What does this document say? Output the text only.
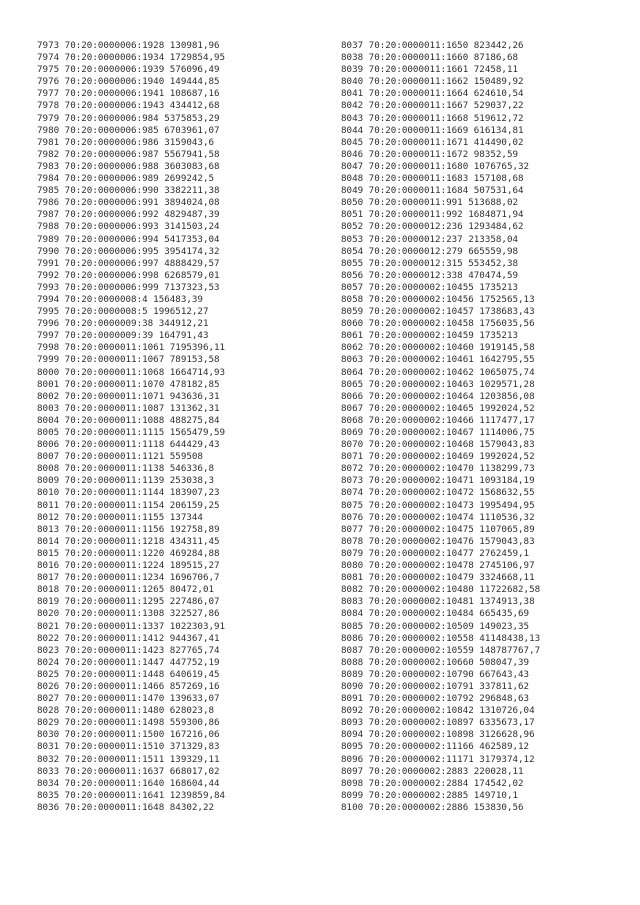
7973 70:20:0000006:1928 130981,96
7974 70:20:0000006:1934 1729854,95
7975 70:20:0000006:1939 576096,49
7976 70:20:0000006:1940 149444,85
7977 70:20:0000006:1941 108687,16
7978 70:20:0000006:1943 434412,68
7979 70:20:0000006:984 5375853,29
7980 70:20:0000006:985 6703961,07
7981 70:20:0000006:986 3159043,6
7982 70:20:0000006:987 5567941,58
7983 70:20:0000006:988 3603083,68
7984 70:20:0000006:989 2699242,5
7985 70:20:0000006:990 3382211,38
7986 70:20:0000006:991 3894024,08
7987 70:20:0000006:992 4829487,39
7988 70:20:0000006:993 3141503,24
7989 70:20:0000006:994 5417353,04
7990 70:20:0000006:995 3954174,32
7991 70:20:0000006:997 4888429,57
7992 70:20:0000006:998 6268579,01
7993 70:20:0000006:999 7137323,53
7994 70:20:0000008:4 156483,39
7995 70:20:0000008:5 1996512,27
7996 70:20:0000009:38 344912,21
7997 70:20:0000009:39 164791,43
7998 70:20:0000011:1061 7195396,11
7999 70:20:0000011:1067 789153,58
8000 70:20:0000011:1068 1664714,93
8001 70:20:0000011:1070 478182,85
8002 70:20:0000011:1071 943636,31
8003 70:20:0000011:1087 131362,31
8004 70:20:0000011:1088 488275,84
8005 70:20:0000011:1115 1565479,59
8006 70:20:0000011:1118 644429,43
8007 70:20:0000011:1121 559508
8008 70:20:0000011:1138 546336,8
8009 70:20:0000011:1139 253038,3
8010 70:20:0000011:1144 183907,23
8011 70:20:0000011:1154 206159,25
8012 70:20:0000011:1155 137344
8013 70:20:0000011:1156 192758,89
8014 70:20:0000011:1218 434311,45
8015 70:20:0000011:1220 469284,88
8016 70:20:0000011:1224 189515,27
8017 70:20:0000011:1234 1696706,7
8018 70:20:0000011:1265 80472,01
8019 70:20:0000011:1295 227486,07
8020 70:20:0000011:1308 322527,86
8021 70:20:0000011:1337 1022303,91
8022 70:20:0000011:1412 944367,41
8023 70:20:0000011:1423 827765,74
8024 70:20:0000011:1447 447752,19
8025 70:20:0000011:1448 640619,45
8026 70:20:0000011:1466 857269,16
8027 70:20:0000011:1470 139633,07
8028 70:20:0000011:1480 628023,8
8029 70:20:0000011:1498 559300,86
8030 70:20:0000011:1500 167216,06
8031 70:20:0000011:1510 371329,83
8032 70:20:0000011:1511 139329,11
8033 70:20:0000011:1637 668017,02
8034 70:20:0000011:1640 168604,44
8035 70:20:0000011:1641 1239859,84
8036 70:20:0000011:1648 84302,22
8037 70:20:0000011:1650 823442,26
8038 70:20:0000011:1660 87186,68
8039 70:20:0000011:1661 72458,11
8040 70:20:0000011:1662 150489,92
8041 70:20:0000011:1664 624610,54
8042 70:20:0000011:1667 529037,22
8043 70:20:0000011:1668 519612,72
8044 70:20:0000011:1669 616134,81
8045 70:20:0000011:1671 414490,02
8046 70:20:0000011:1672 98352,59
8047 70:20:0000011:1680 1076765,32
8048 70:20:0000011:1683 157108,68
8049 70:20:0000011:1684 507531,64
8050 70:20:0000011:991 513688,02
8051 70:20:0000011:992 1684871,94
8052 70:20:0000012:236 1293484,62
8053 70:20:0000012:237 213358,04
8054 70:20:0000012:279 665559,98
8055 70:20:0000012:315 553452,38
8056 70:20:0000012:338 470474,59
8057 70:20:0000002:10455 1735213
8058 70:20:0000002:10456 1752565,13
8059 70:20:0000002:10457 1738683,43
8060 70:20:0000002:10458 1756035,56
8061 70:20:0000002:10459 1735213
8062 70:20:0000002:10460 1919145,58
8063 70:20:0000002:10461 1642795,55
8064 70:20:0000002:10462 1065075,74
8065 70:20:0000002:10463 1029571,28
8066 70:20:0000002:10464 1203856,08
8067 70:20:0000002:10465 1992024,52
8068 70:20:0000002:10466 1117477,17
8069 70:20:0000002:10467 1114006,75
8070 70:20:0000002:10468 1579043,83
8071 70:20:0000002:10469 1992024,52
8072 70:20:0000002:10470 1138299,73
8073 70:20:0000002:10471 1093184,19
8074 70:20:0000002:10472 1568632,55
8075 70:20:0000002:10473 1995494,95
8076 70:20:0000002:10474 1110536,32
8077 70:20:0000002:10475 1107065,89
8078 70:20:0000002:10476 1579043,83
8079 70:20:0000002:10477 2762459,1
8080 70:20:0000002:10478 2745106,97
8081 70:20:0000002:10479 3324668,11
8082 70:20:0000002:10480 11722682,58
8083 70:20:0000002:10481 1374913,38
8084 70:20:0000002:10484 665435,69
8085 70:20:0000002:10509 149023,35
8086 70:20:0000002:10558 41148438,13
8087 70:20:0000002:10559 148787767,7
8088 70:20:0000002:10660 508047,39
8089 70:20:0000002:10790 667643,43
8090 70:20:0000002:10791 337811,62
8091 70:20:0000002:10792 296848,63
8092 70:20:0000002:10842 1310726,04
8093 70:20:0000002:10897 6335673,17
8094 70:20:0000002:10898 3126628,96
8095 70:20:0000002:11166 462589,12
8096 70:20:0000002:11171 3179374,12
8097 70:20:0000002:2883 220028,11
8098 70:20:0000002:2884 174542,02
8099 70:20:0000002:2885 149710,1
8100 70:20:0000002:2886 153830,56
